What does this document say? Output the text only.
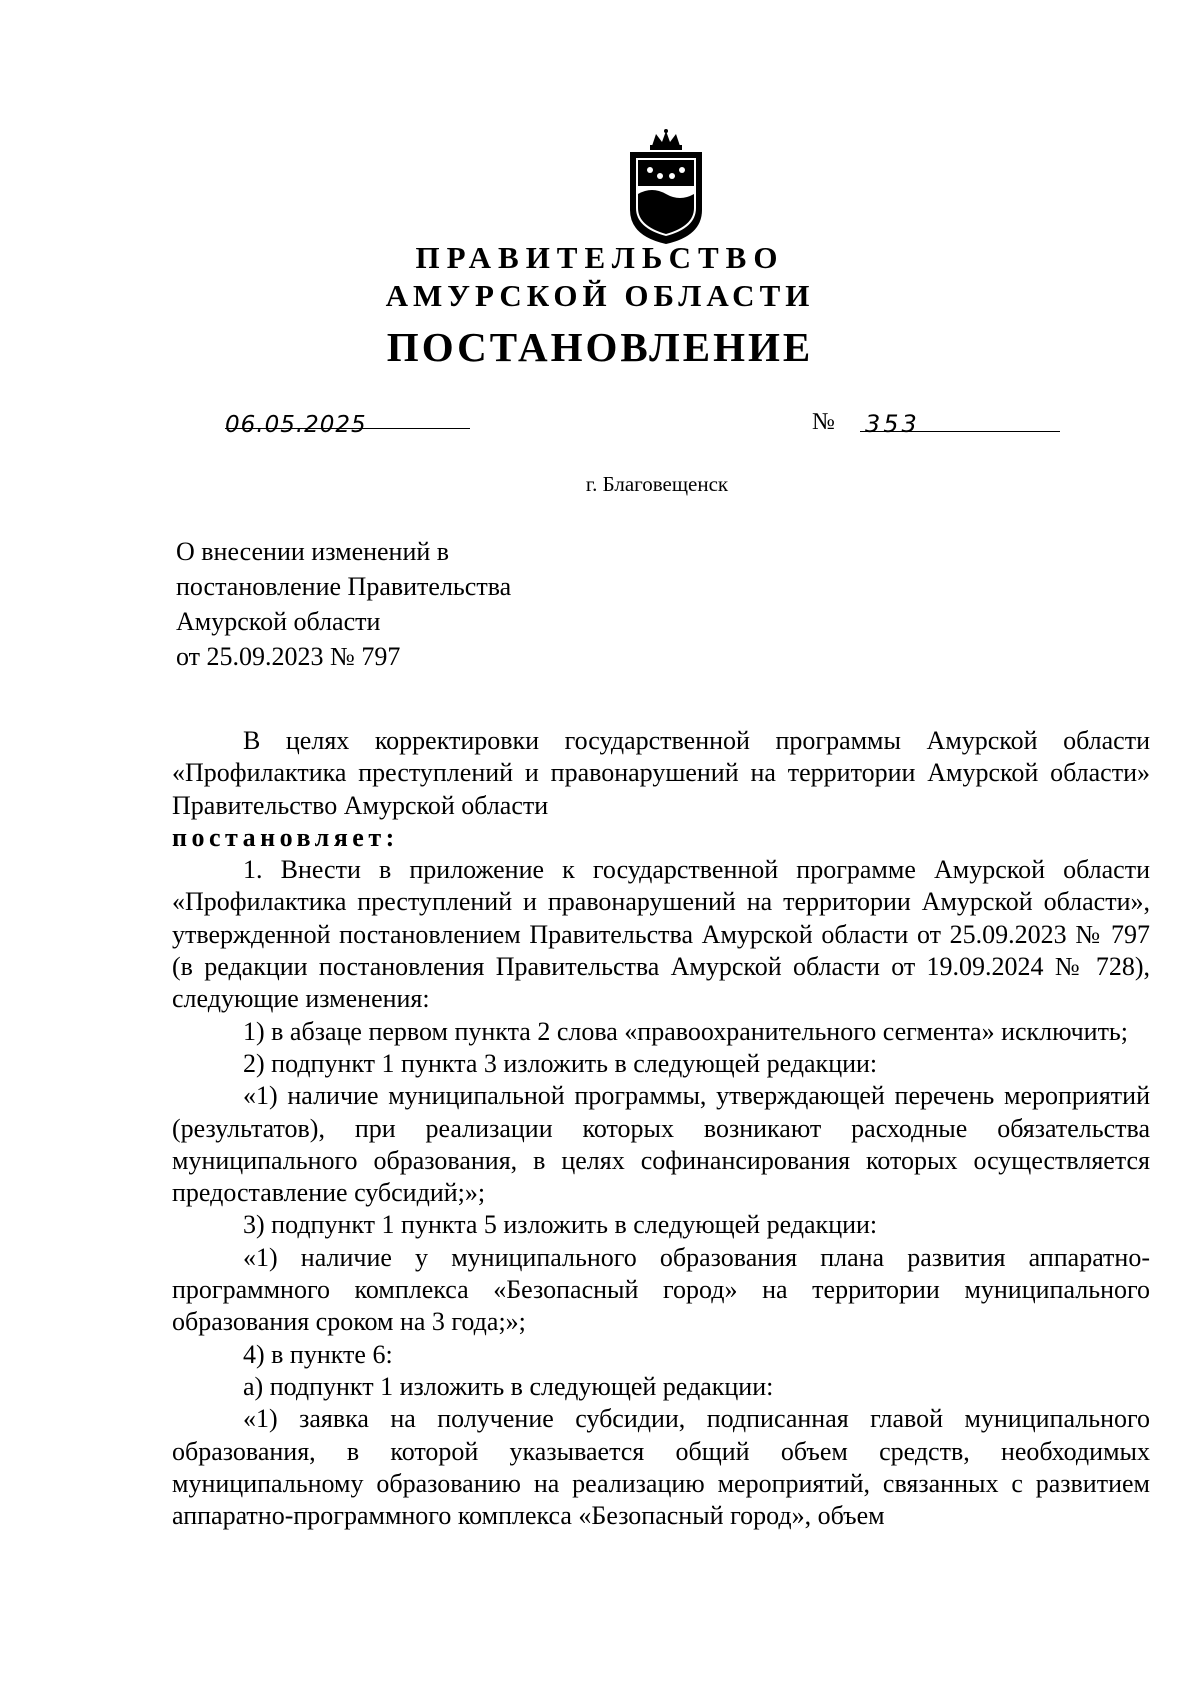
ПРАВИТЕЛЬСТВО
АМУРСКОЙ ОБЛАСТИ
ПОСТАНОВЛЕНИЕ
06.05.2025	№ 353
г. Благовещенск
О внесении изменений в
постановление Правительства
Амурской области
от 25.09.2023 № 797

В целях корректировки государственной программы Амурской области «Профилактика преступлений и правонарушений на территории Амурской области» Правительство Амурской области

постановляет:

1. Внести в приложение к государственной программе Амурской области «Профилактика преступлений и правонарушений на территории Амурской области», утвержденной постановлением Правительства Амурской области от 25.09.2023 № 797 (в редакции постановления Правительства Амурской области от 19.09.2024 № 728), следующие изменения:

1) в абзаце первом пункта 2 слова «правоохранительного сегмента» исключить;

2) подпункт 1 пункта 3 изложить в следующей редакции:

«1) наличие муниципальной программы, утверждающей перечень мероприятий (результатов), при реализации которых возникают расходные обязательства муниципального образования, в целях софинансирования которых осуществляется предоставление субсидий;»;

3) подпункт 1 пункта 5 изложить в следующей редакции:

«1) наличие у муниципального образования плана развития аппаратно-программного комплекса «Безопасный город» на территории муниципального образования сроком на 3 года;»;

4) в пункте 6:

а) подпункт 1 изложить в следующей редакции:

«1) заявка на получение субсидии, подписанная главой муниципального образования, в которой указывается общий объем средств, необходимых муниципальному образованию на реализацию мероприятий, связанных с развитием аппаратно-программного комплекса «Безопасный город», объем
